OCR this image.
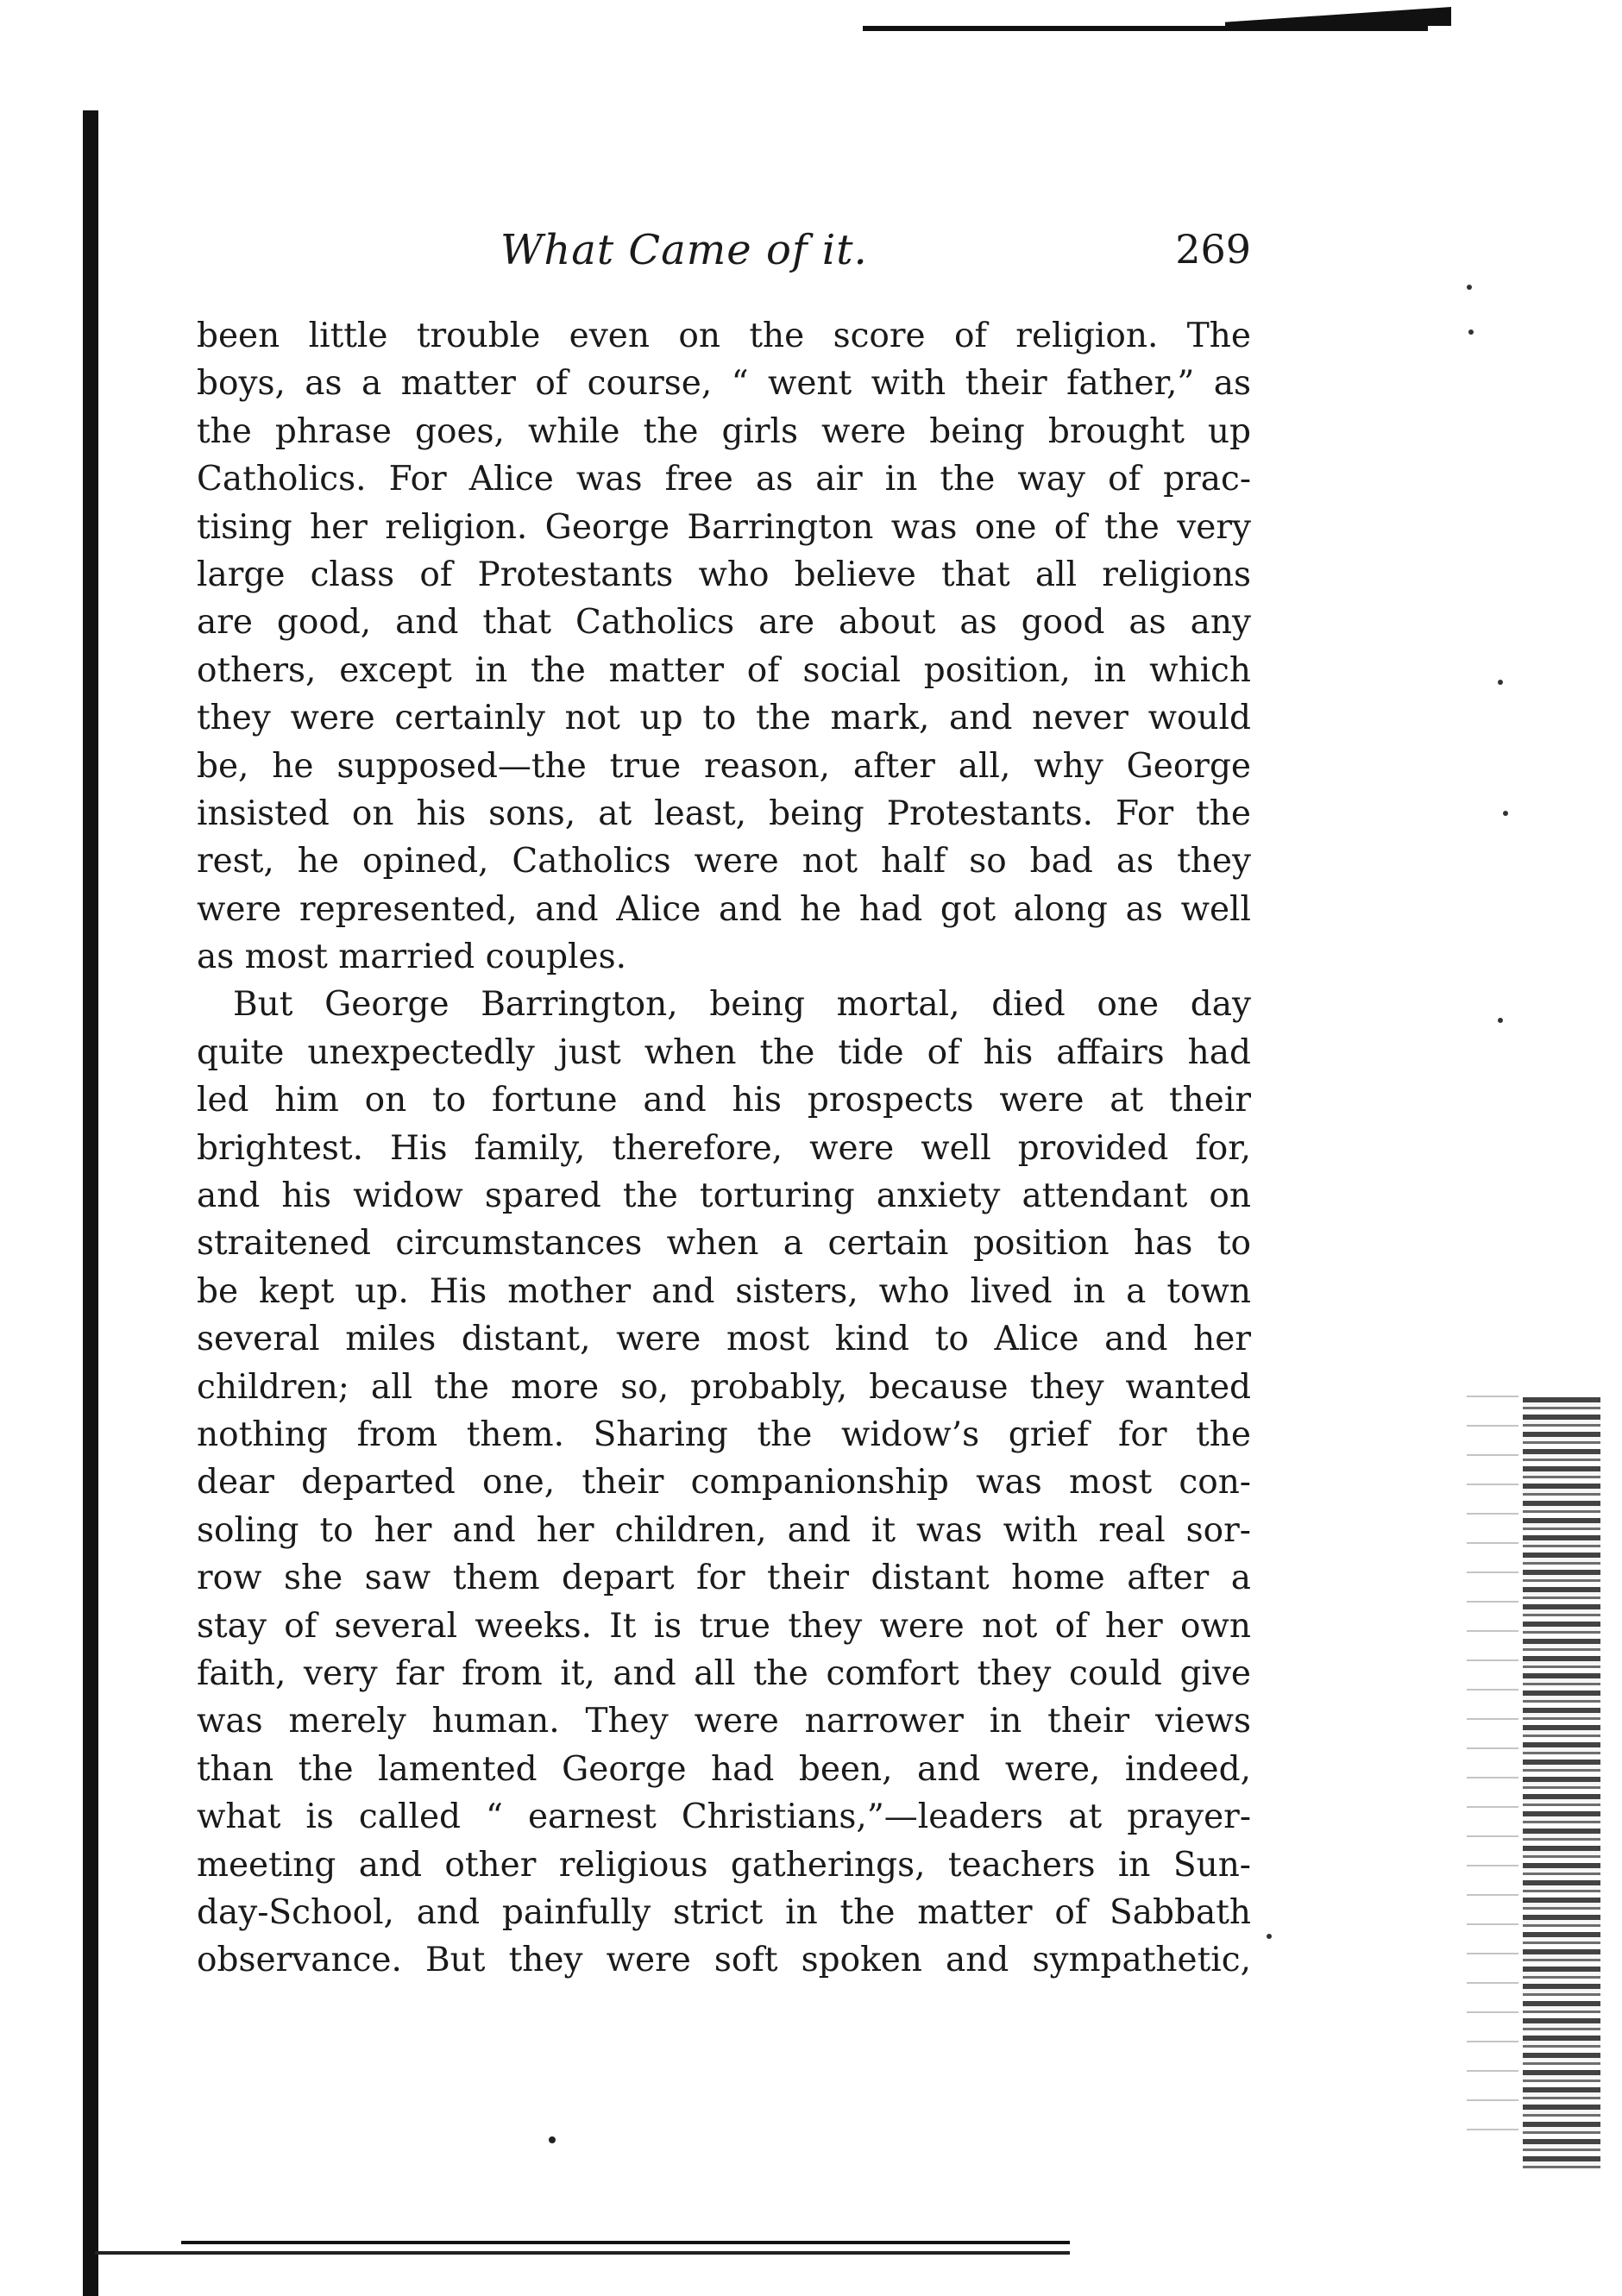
What Came of it.	269
been little trouble even on the score of religion. The
boys, as a matter of course, “ went with their father,” as
the phrase goes, while the girls were being brought up
Catholics. For Alice was free as air in the way of prac-
tising her religion. George Barrington was one of the very
large class of Protestants who believe that all religions
are good, and that Catholics are about as good as any
others, except in the matter of social position, in which
they were certainly not up to the mark, and never would
be, he supposed—the true reason, after all, why George
insisted on his sons, at least, being Protestants. For the
rest, he opined, Catholics were not half so bad as they
were represented, and Alice and he had got along as well
as most married couples.
But George Barrington, being mortal, died one day
quite unexpectedly just when the tide of his affairs had
led him on to fortune and his prospects were at their
brightest. His family, therefore, were well provided for,
and his widow spared the torturing anxiety attendant on
straitened circumstances when a certain position has to
be kept up. His mother and sisters, who lived in a town
several miles distant, were most kind to Alice and her
children; all the more so, probably, because they wanted
nothing from them. Sharing the widow’s grief for the
dear departed one, their companionship was most con-
soling to her and her children, and it was with real sor-
row she saw them depart for their distant home after a
stay of several weeks. It is true they were not of her own
faith, very far from it, and all the comfort they could give
was merely human. They were narrower in their views
than the lamented George had been, and were, indeed,
what is called “ earnest Christians,”—leaders at prayer-
meeting and other religious gatherings, teachers in Sun-
day-School, and painfully strict in the matter of Sabbath
observance. But they were soft spoken and sympathetic,
